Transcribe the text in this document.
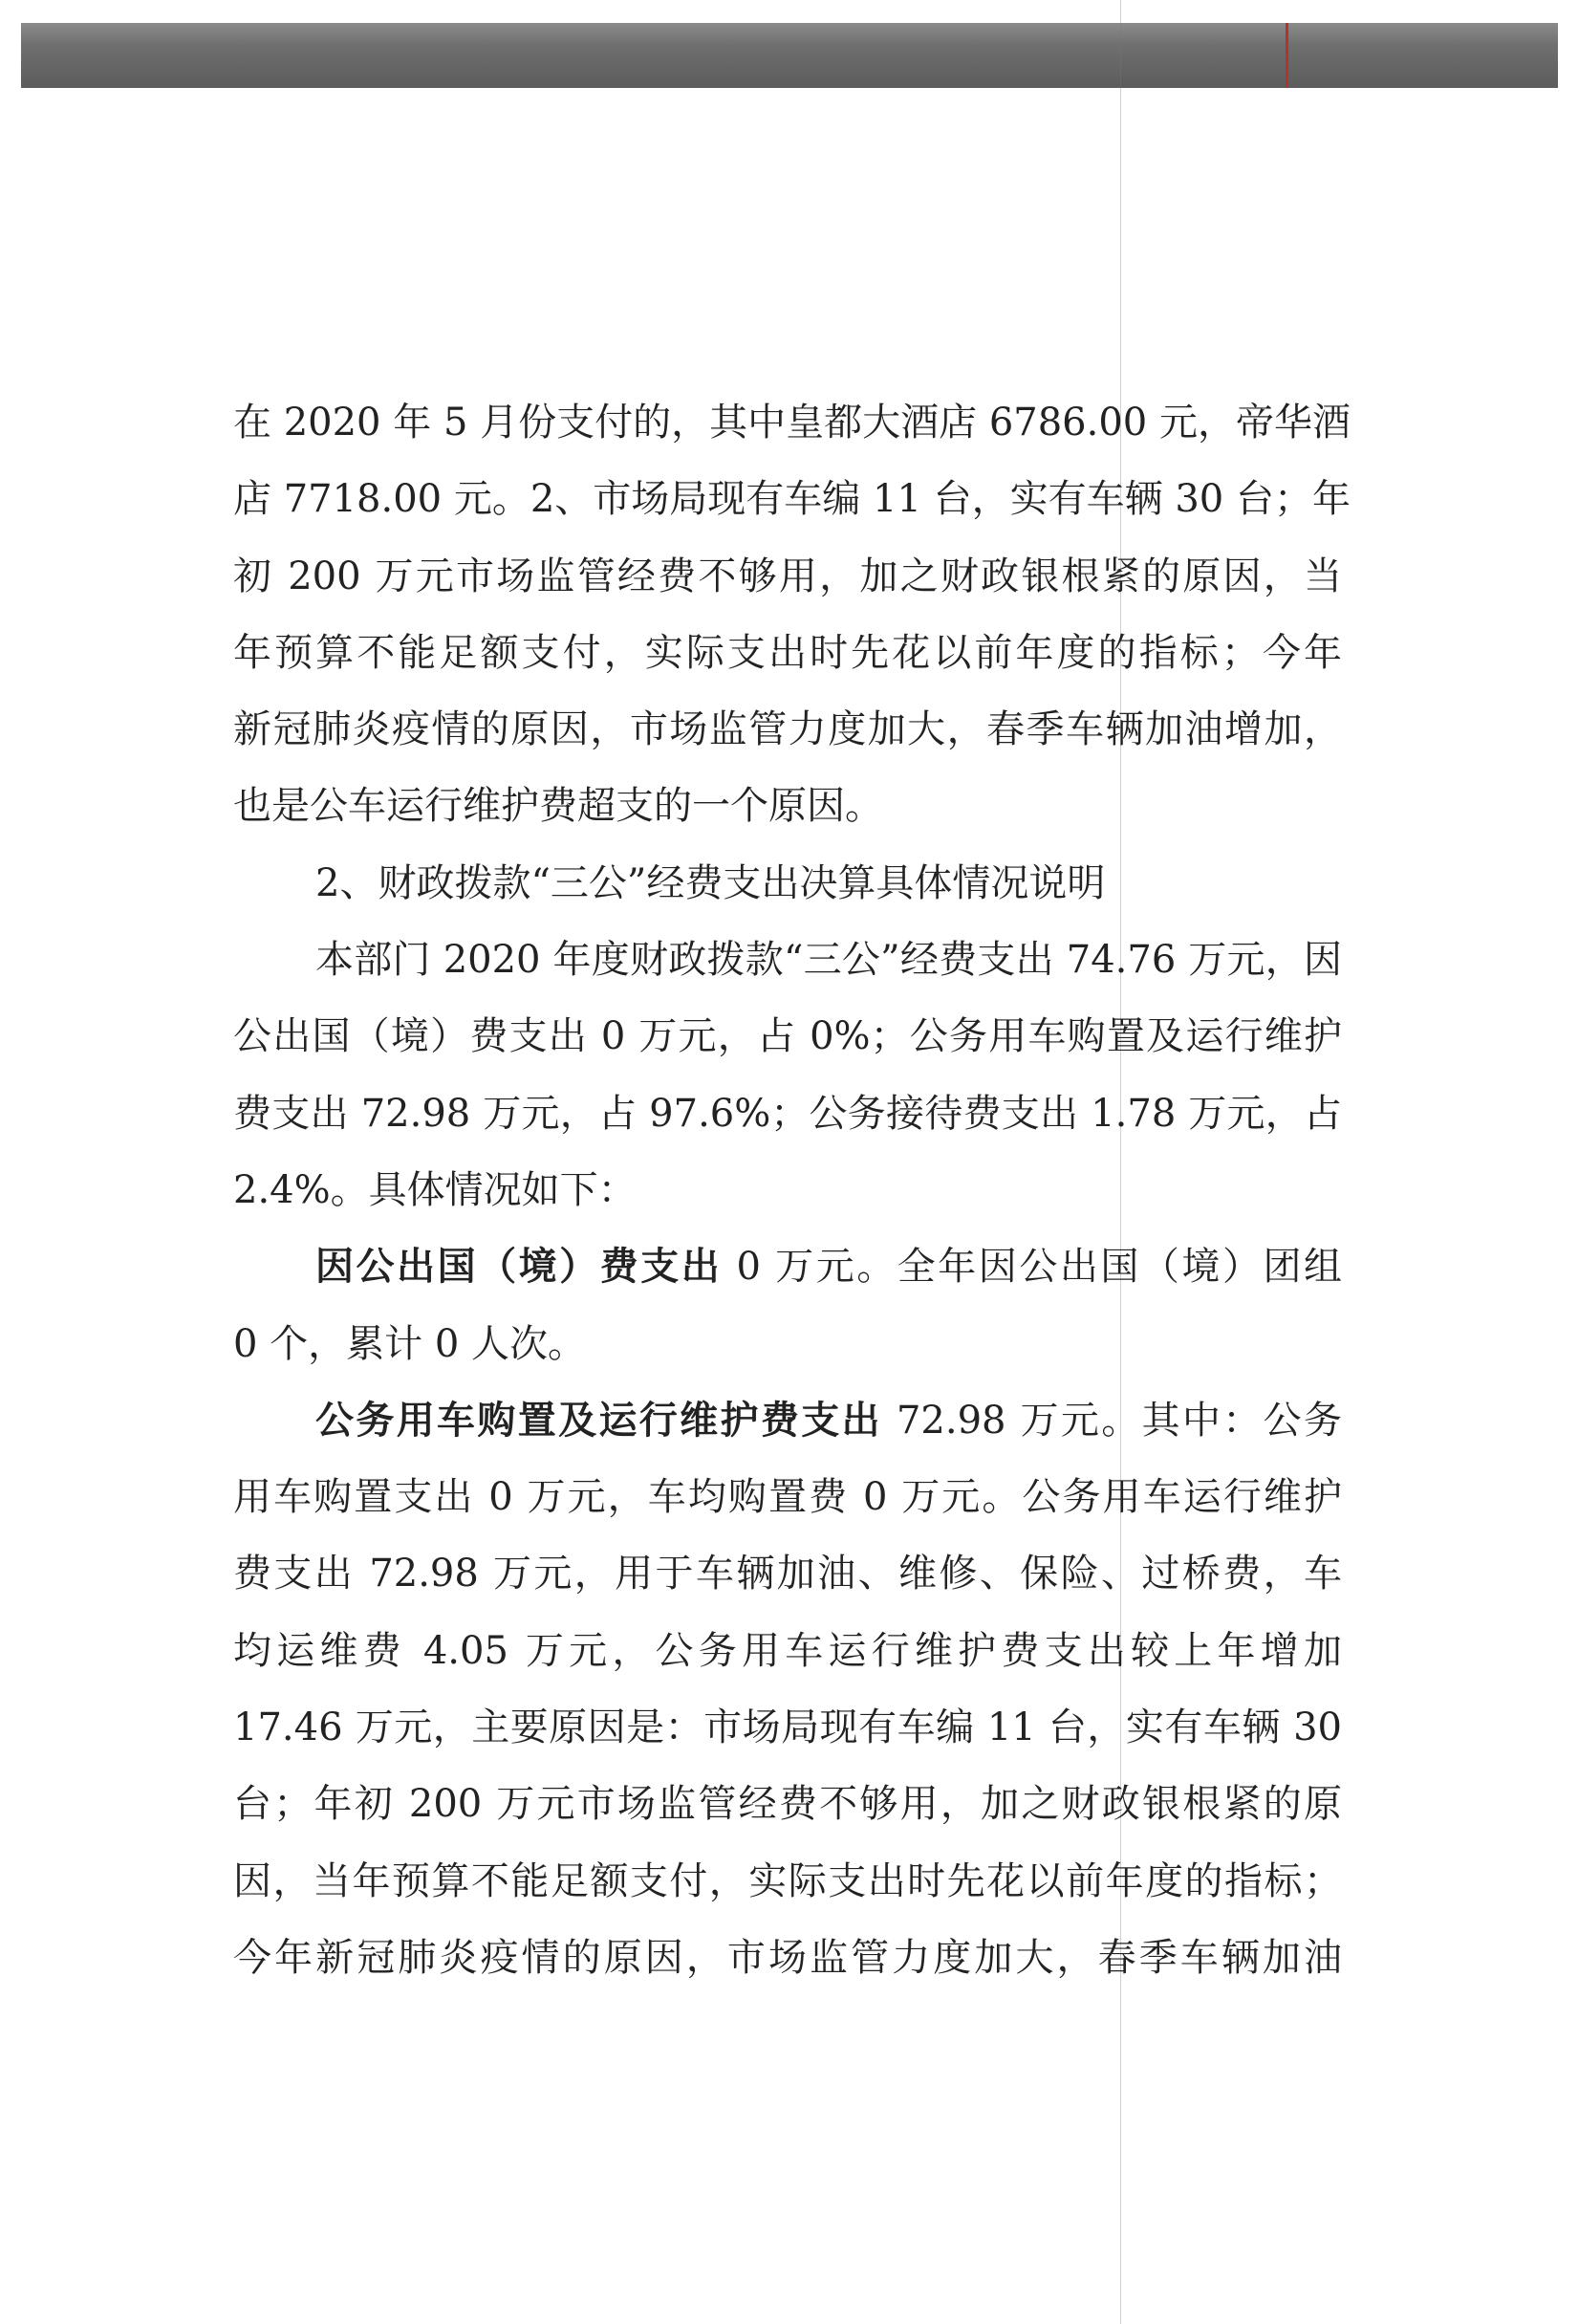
在 2020 年 5 月份支付的，其中皇都大酒店 6786.00 元，帝华酒
店 7718.00 元。2、市场局现有车编 11 台，实有车辆 30 台；年
初 200 万元市场监管经费不够用，加之财政银根紧的原因，当
年预算不能足额支付，实际支出时先花以前年度的指标；今年
新冠肺炎疫情的原因，市场监管力度加大，春季车辆加油增加，
也是公车运行维护费超支的一个原因。
2、财政拨款“三公”经费支出决算具体情况说明
本部门 2020 年度财政拨款“三公”经费支出 74.76 万元，因
公出国（境）费支出 0 万元，占 0%；公务用车购置及运行维护
费支出 72.98 万元，占 97.6%；公务接待费支出 1.78 万元，占
2.4%。具体情况如下：
因公出国（境）费支出 0 万元。全年因公出国（境）团组
0 个，累计 0 人次。
公务用车购置及运行维护费支出 72.98 万元。其中：公务
用车购置支出 0 万元，车均购置费 0 万元。公务用车运行维护
费支出 72.98 万元，用于车辆加油、维修、保险、过桥费，车
均运维费 4.05 万元，公务用车运行维护费支出较上年增加
17.46 万元，主要原因是：市场局现有车编 11 台，实有车辆 30
台；年初 200 万元市场监管经费不够用，加之财政银根紧的原
因，当年预算不能足额支付，实际支出时先花以前年度的指标；
今年新冠肺炎疫情的原因，市场监管力度加大，春季车辆加油
